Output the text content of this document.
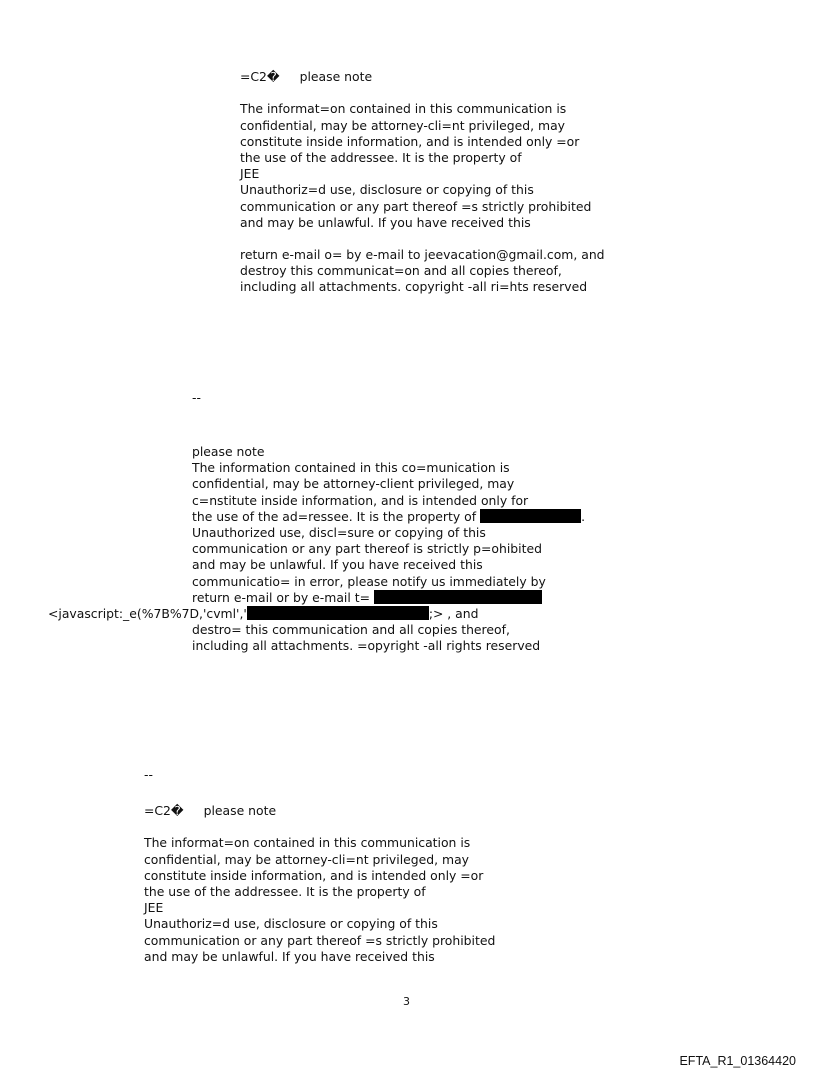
=C2� please note
The informat=on contained in this communication is
confidential, may be attorney-cli=nt privileged, may
constitute inside information, and is intended only =or
the use of the addressee. It is the property of
JEE
Unauthoriz=d use, disclosure or copying of this
communication or any part thereof =s strictly prohibited
and may be unlawful. If you have received this
return e-mail o= by e-mail to jeevacation@gmail.com, and
destroy this communicat=on and all copies thereof,
including all attachments. copyright -all ri=hts reserved
--
please note
The information contained in this co=munication is
confidential, may be attorney-client privileged, may
c=nstitute inside information, and is intended only for
the use of the ad=ressee. It is the property of	.
Unauthorized use, discl=sure or copying of this
communication or any part thereof is strictly p=ohibited
and may be unlawful. If you have received this
communicatio= in error, please notify us immediately by
return e-mail or by e-mail t=
<javascript:_e(%7B%7D,'cvml','	;> , and
destro= this communication and all copies thereof,
including all attachments. =opyright -all rights reserved
--
=C2� please note
The informat=on contained in this communication is
confidential, may be attorney-cli=nt privileged, may
constitute inside information, and is intended only =or
the use of the addressee. It is the property of
JEE
Unauthoriz=d use, disclosure or copying of this
communication or any part thereof =s strictly prohibited
and may be unlawful. If you have received this
3
EFTA_R1_01364420
